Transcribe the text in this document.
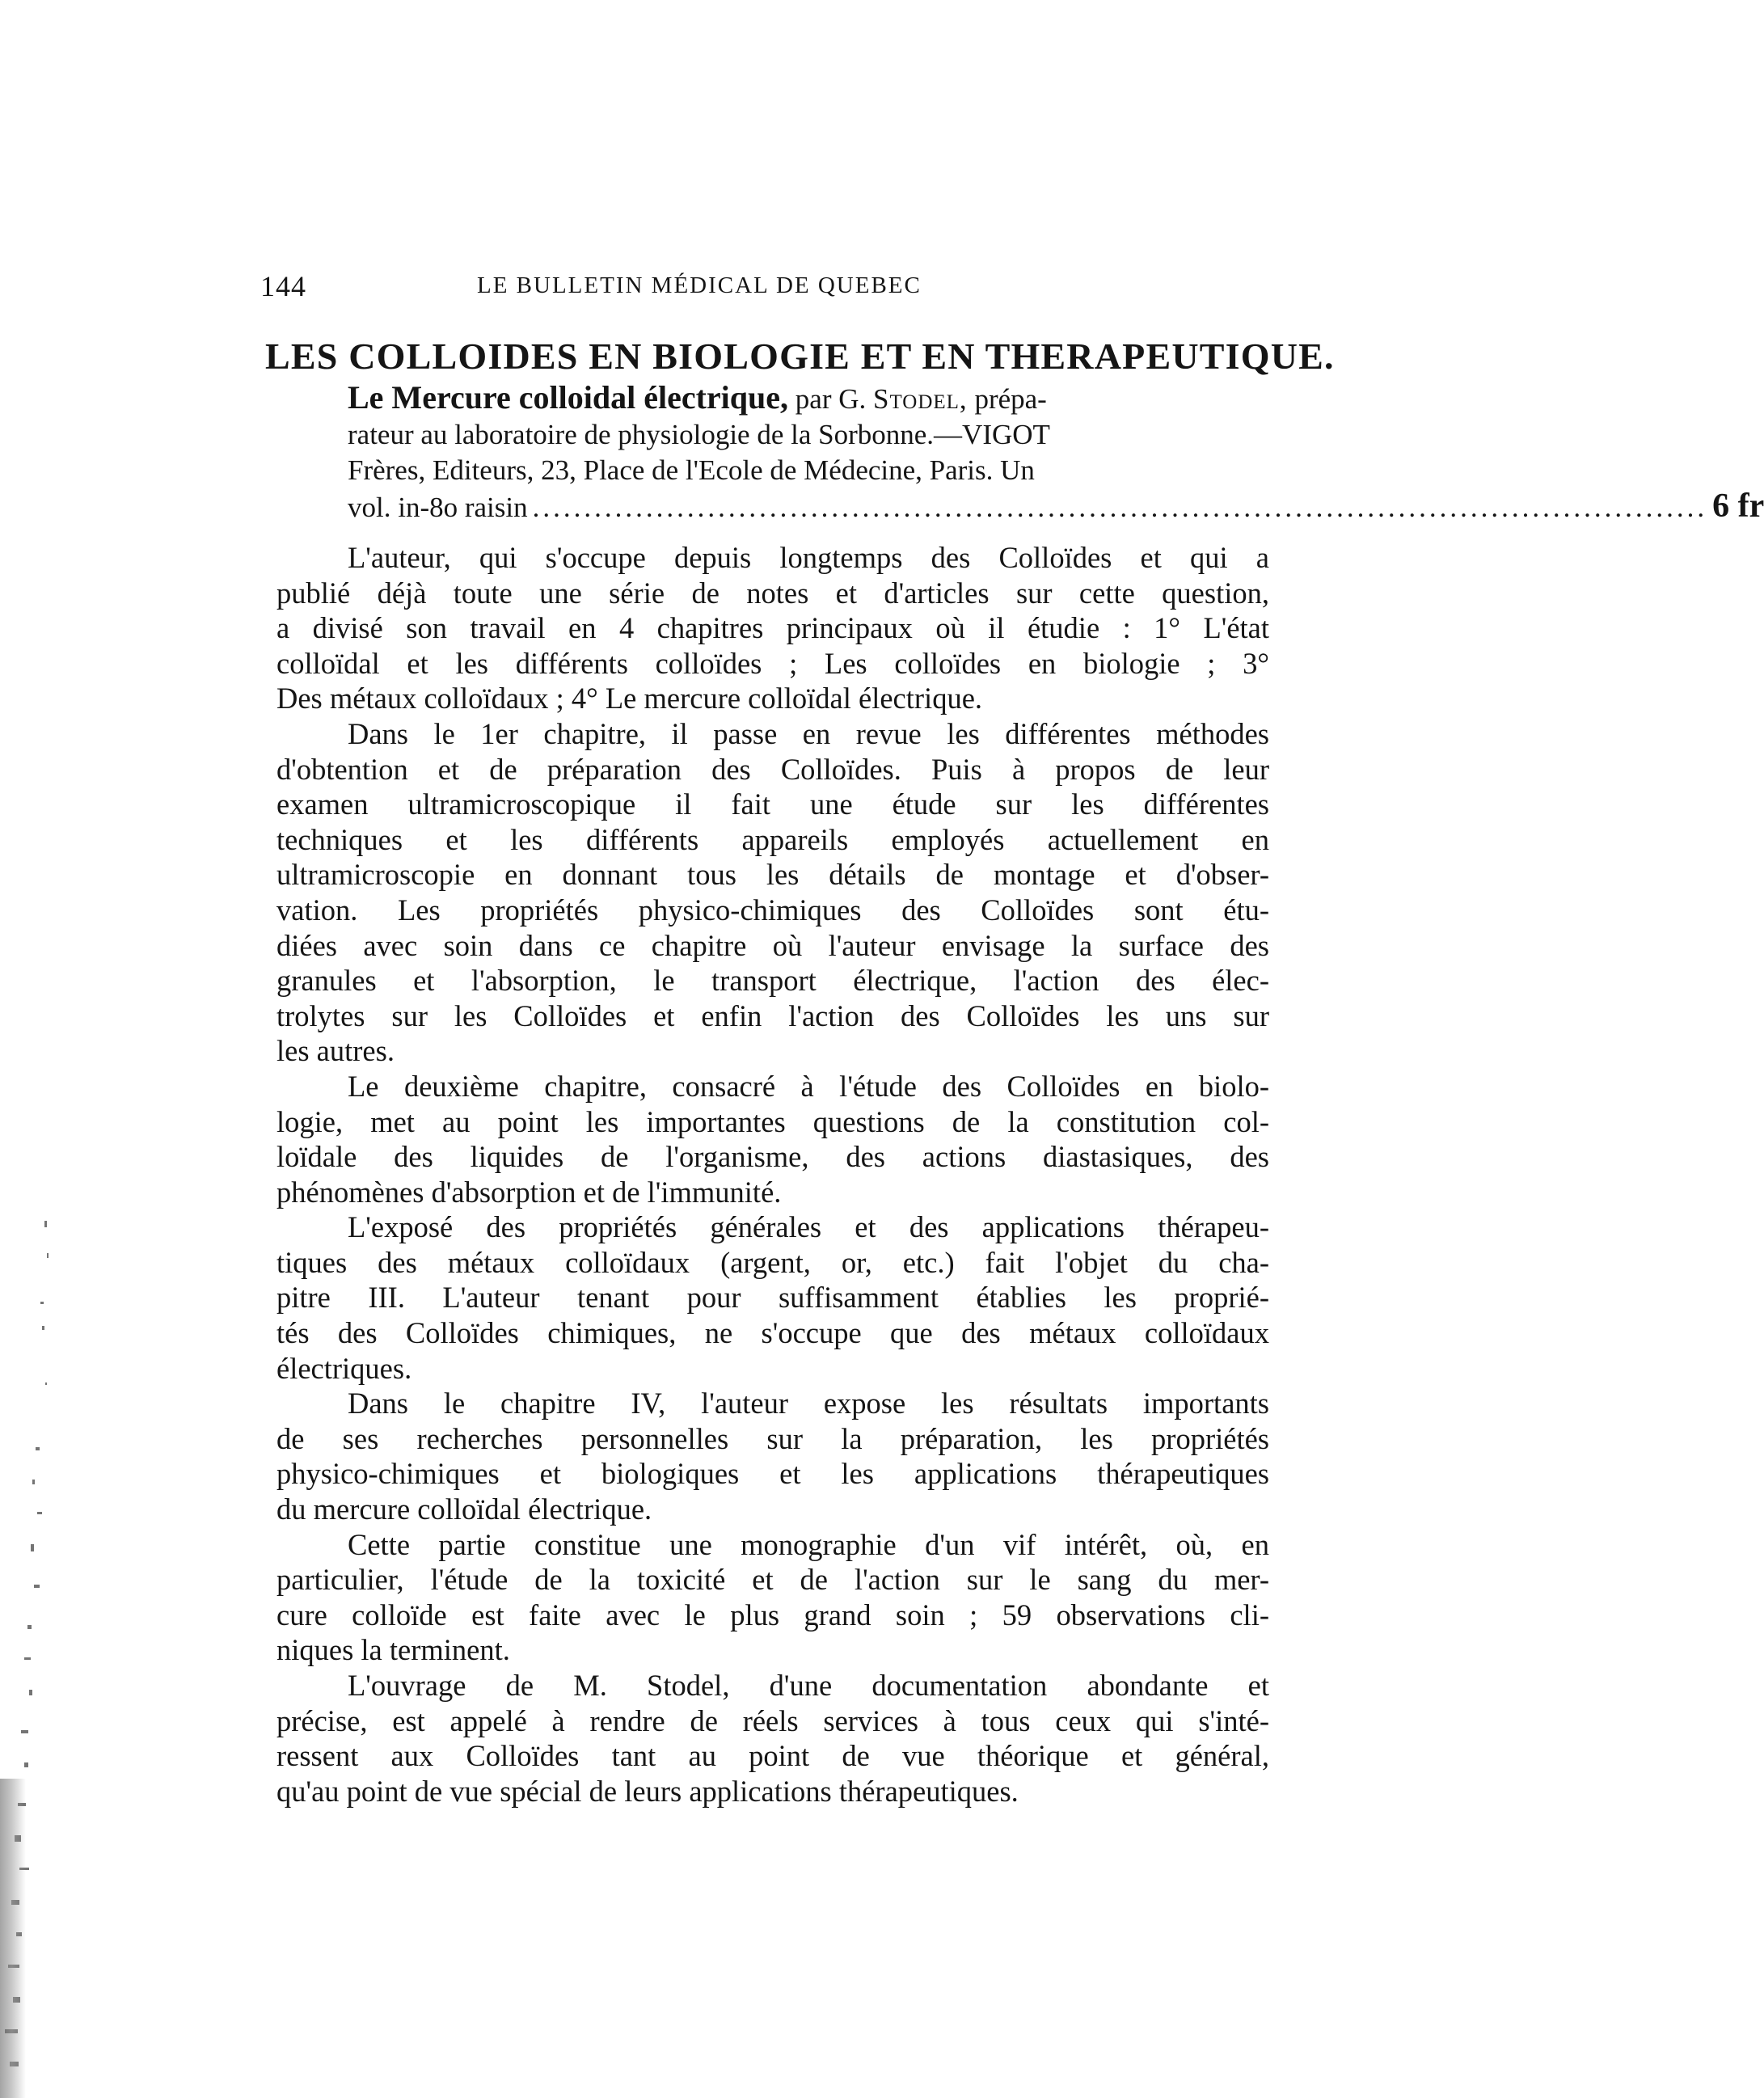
144	LE BULLETIN MÉDICAL DE QUEBEC
LES COLLOIDES EN BIOLOGIE ET EN THERAPEUTIQUE.
Le Mercure colloidal électrique, par G. Stodel, prépa-
rateur au laboratoire de physiologie de la Sorbonne.—VIGOT
Frères, Editeurs, 23, Place de l'Ecole de Médecine, Paris. Un
vol. in-8o raisin .................................................................................................................. 6 fr

L'auteur, qui s'occupe depuis longtemps des Colloïdes et qui a
publié déjà toute une série de notes et d'articles sur cette question,
a divisé son travail en 4 chapitres principaux où il étudie : 1° L'état
colloïdal et les différents colloïdes ; Les colloïdes en biologie ; 3°
Des métaux colloïdaux ; 4° Le mercure colloïdal électrique.

Dans le 1er chapitre, il passe en revue les différentes méthodes
d'obtention et de préparation des Colloïdes. Puis à propos de leur
examen ultramicroscopique il fait une étude sur les différentes
techniques et les différents appareils employés actuellement en
ultramicroscopie en donnant tous les détails de montage et d'obser-
vation. Les propriétés physico-chimiques des Colloïdes sont étu-
diées avec soin dans ce chapitre où l'auteur envisage la surface des
granules et l'absorption, le transport électrique, l'action des élec-
trolytes sur les Colloïdes et enfin l'action des Colloïdes les uns sur
les autres.

Le deuxième chapitre, consacré à l'étude des Colloïdes en biolo-
logie, met au point les importantes questions de la constitution col-
loïdale des liquides de l'organisme, des actions diastasiques, des
phénomènes d'absorption et de l'immunité.

L'exposé des propriétés générales et des applications thérapeu-
tiques des métaux colloïdaux (argent, or, etc.) fait l'objet du cha-
pitre III. L'auteur tenant pour suffisamment établies les proprié-
tés des Colloïdes chimiques, ne s'occupe que des métaux colloïdaux
électriques.

Dans le chapitre IV, l'auteur expose les résultats importants
de ses recherches personnelles sur la préparation, les propriétés
physico-chimiques et biologiques et les applications thérapeutiques
du mercure colloïdal électrique.

Cette partie constitue une monographie d'un vif intérêt, où, en
particulier, l'étude de la toxicité et de l'action sur le sang du mer-
cure colloïde est faite avec le plus grand soin ; 59 observations cli-
niques la terminent.

L'ouvrage de M. Stodel, d'une documentation abondante et
précise, est appelé à rendre de réels services à tous ceux qui s'inté-
ressent aux Colloïdes tant au point de vue théorique et général,
qu'au point de vue spécial de leurs applications thérapeutiques.
